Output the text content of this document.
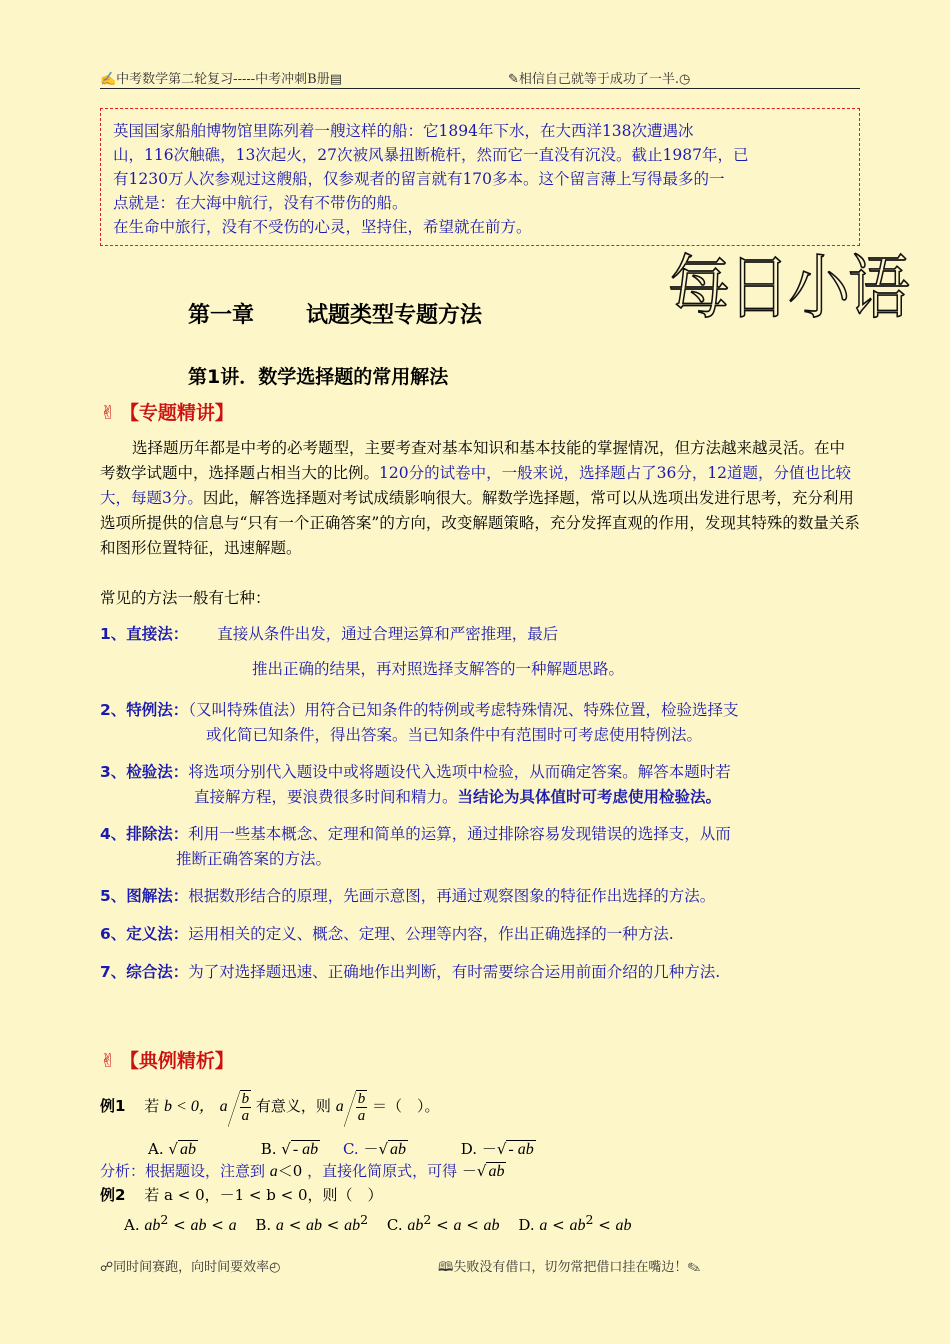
✍中考数学第二轮复习-----中考冲刺B册▤	✎相信自己就等于成功了一半.◷
英国国家船舶博物馆里陈列着一艘这样的船：它1894年下水，在大西洋138次遭遇冰
山，116次触礁，13次起火，27次被风暴扭断桅杆，然而它一直没有沉没。截止1987年，已
有1230万人次参观过这艘船，仅参观者的留言就有170多本。这个留言薄上写得最多的一
点就是：在大海中航行，没有不带伤的船。
在生命中旅行，没有不受伤的心灵，坚持住，希望就在前方。
每日小语
第一章 试题类型专题方法
第1讲．数学选择题的常用解法
✌ 【专题精讲】
选择题历年都是中考的必考题型，主要考查对基本知识和基本技能的掌握情况，但方法越来越灵活。在中考数学试题中，选择题占相当大的比例。120分的试卷中，一般来说，选择题占了36分，12道题，分值也比较大，每题3分。因此，解答选择题对考试成绩影响很大。解数学选择题，常可以从选项出发进行思考，充分利用选项所提供的信息与“只有一个正确答案”的方向，改变解题策略，充分发挥直观的作用，发现其特殊的数量关系和图形位置特征，迅速解题。
常见的方法一般有七种：
1、直接法： 直接从条件出发，通过合理运算和严密推理，最后
推出正确的结果，再对照选择支解答的一种解题思路。
2、特例法：（又叫特殊值法）用符合已知条件的特例或考虑特殊情况、特殊位置，检验选择支
或化简已知条件，得出答案。当已知条件中有范围时可考虑使用特例法。
3、检验法：将选项分别代入题设中或将题设代入选项中检验，从而确定答案。解答本题时若
直接解方程，要浪费很多时间和精力。当结论为具体值时可考虑使用检验法。
4、排除法：利用一些基本概念、定理和简单的运算，通过排除容易发现错误的选择支，从而
推断正确答案的方法。
5、图解法：根据数形结合的原理，先画示意图，再通过观察图象的特征作出选择的方法。
6、定义法：运用相关的定义、概念、定理、公理等内容，作出正确选择的一种方法.
7、综合法：为了对选择题迅速、正确地作出判断，有时需要综合运用前面介绍的几种方法.
✌ 【典例精析】
例1 若 b < 0， a $\frac{b}{a}$ 有意义，则 a $\frac{b}{a}$ ＝（　）。
A. √ ab	B. √ - ab C. －√ ab	D. －√ - ab
分析：根据题设，注意到 a＜0 ，直接化简原式，可得 －√ ab
例2 若 a < 0，－1 < b < 0，则（　）
A. $ab^2$ < ab < a B. a < ab < $ab^2$ C. $ab^2 < a$ < ab D. $a < ab^2$ < ab
☍同时间赛跑，向时间要效率◴	🕮失败没有借口，切勿常把借口挂在嘴边！✎
